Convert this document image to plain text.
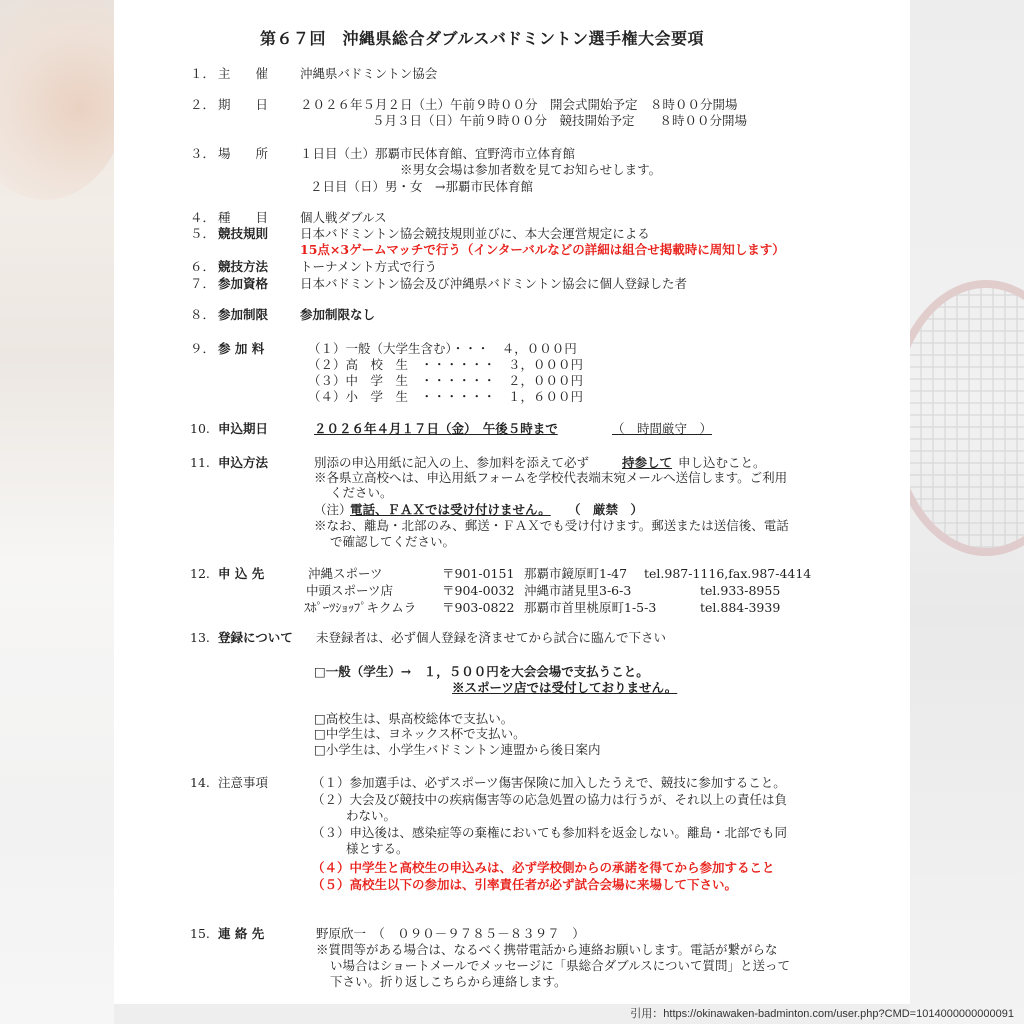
第６７回　沖縄県総合ダブルスバドミントン選手権大会要項
１． 主　　催	沖縄県バドミントン協会
２． 期　　日	２０２６年５月２日（土）午前９時００分　開会式開始予定　８時００分開場
５月３日（日）午前９時００分　競技開始予定　　８時００分開場
３． 場　　所	１日目（土）那覇市民体育館、宜野湾市立体育館
※男女会場は参加者数を見てお知らせします。
２日目（日）男・女　→那覇市民体育館
４． 種　　目	個人戦ダブルス
５． 競技規則	日本バドミントン協会競技規則並びに、本大会運営規定による
15点×3ゲームマッチで行う（インターバルなどの詳細は組合せ掲載時に周知します）
６． 競技方法	トーナメント方式で行う
７． 参加資格	日本バドミントン協会及び沖縄県バドミントン協会に個人登録した者
８． 参加制限	参加制限なし
９． 参 加 料	（１）一般（大学生含む）・・・　４，０００円
（２）高　校　生　・・・・・・　３，０００円
（３）中　学　生　・・・・・・　２，０００円
（４）小　学　生　・・・・・・　１，６００円
10. 申込期日	２０２６年４月１７日（金）　午後５時まで	（　時間厳守　）
11. 申込方法	別添の申込用紙に記入の上、参加料を添えて必ず	持参して 申し込むこと。
※各県立高校へは、申込用紙フォームを学校代表端末宛メールへ送信します。ご利用
ください。
（注）
電話、ＦＡＸでは受け付けません。 （　厳禁　）
※なお、離島・北部のみ、郵送・ＦＡＸでも受け付けます。郵送または送信後、電話
で確認してください。
12. 申 込 先	沖縄スポーツ	〒901-0151 那覇市鏡原町1-47 tel.987-1116,fax.987-4414
中頭スポーツ店	〒904-0032 沖縄市諸見里3-6-3	tel.933-8955
ｽﾎﾟｰﾂｼｮｯﾌﾟキクムラ 〒903-0822 那覇市首里桃原町1-5-3	tel.884-3939
13. 登録について 未登録者は、必ず個人登録を済ませてから試合に臨んで下さい
□一般（学生）→　１，５００円を大会会場で支払うこと。
※スポーツ店では受付しておりません。
□高校生は、県高校総体で支払い。
□中学生は、ヨネックス杯で支払い。
□小学生は、小学生バドミントン連盟から後日案内
14. 注意事項	（１）参加選手は、必ずスポーツ傷害保険に加入したうえで、競技に参加すること。
（２）大会及び競技中の疾病傷害等の応急処置の協力は行うが、それ以上の責任は負
わない。
（３）申込後は、感染症等の棄権においても参加料を返金しない。離島・北部でも同
様とする。
（４）中学生と高校生の申込みは、必ず学校側からの承諾を得てから参加すること
（５）高校生以下の参加は、引率責任者が必ず試合会場に来場して下さい。
15. 連 絡 先	野原欣一　（　０９０－９７８５－８３９７　）
※質問等がある場合は、なるべく携帯電話から連絡お願いします。電話が繋がらな
い場合はショートメールでメッセージに「県総合ダブルスについて質問」と送って
下さい。折り返しこちらから連絡します。
引用：https://okinawaken-badminton.com/user.php?CMD=1014000000000091
